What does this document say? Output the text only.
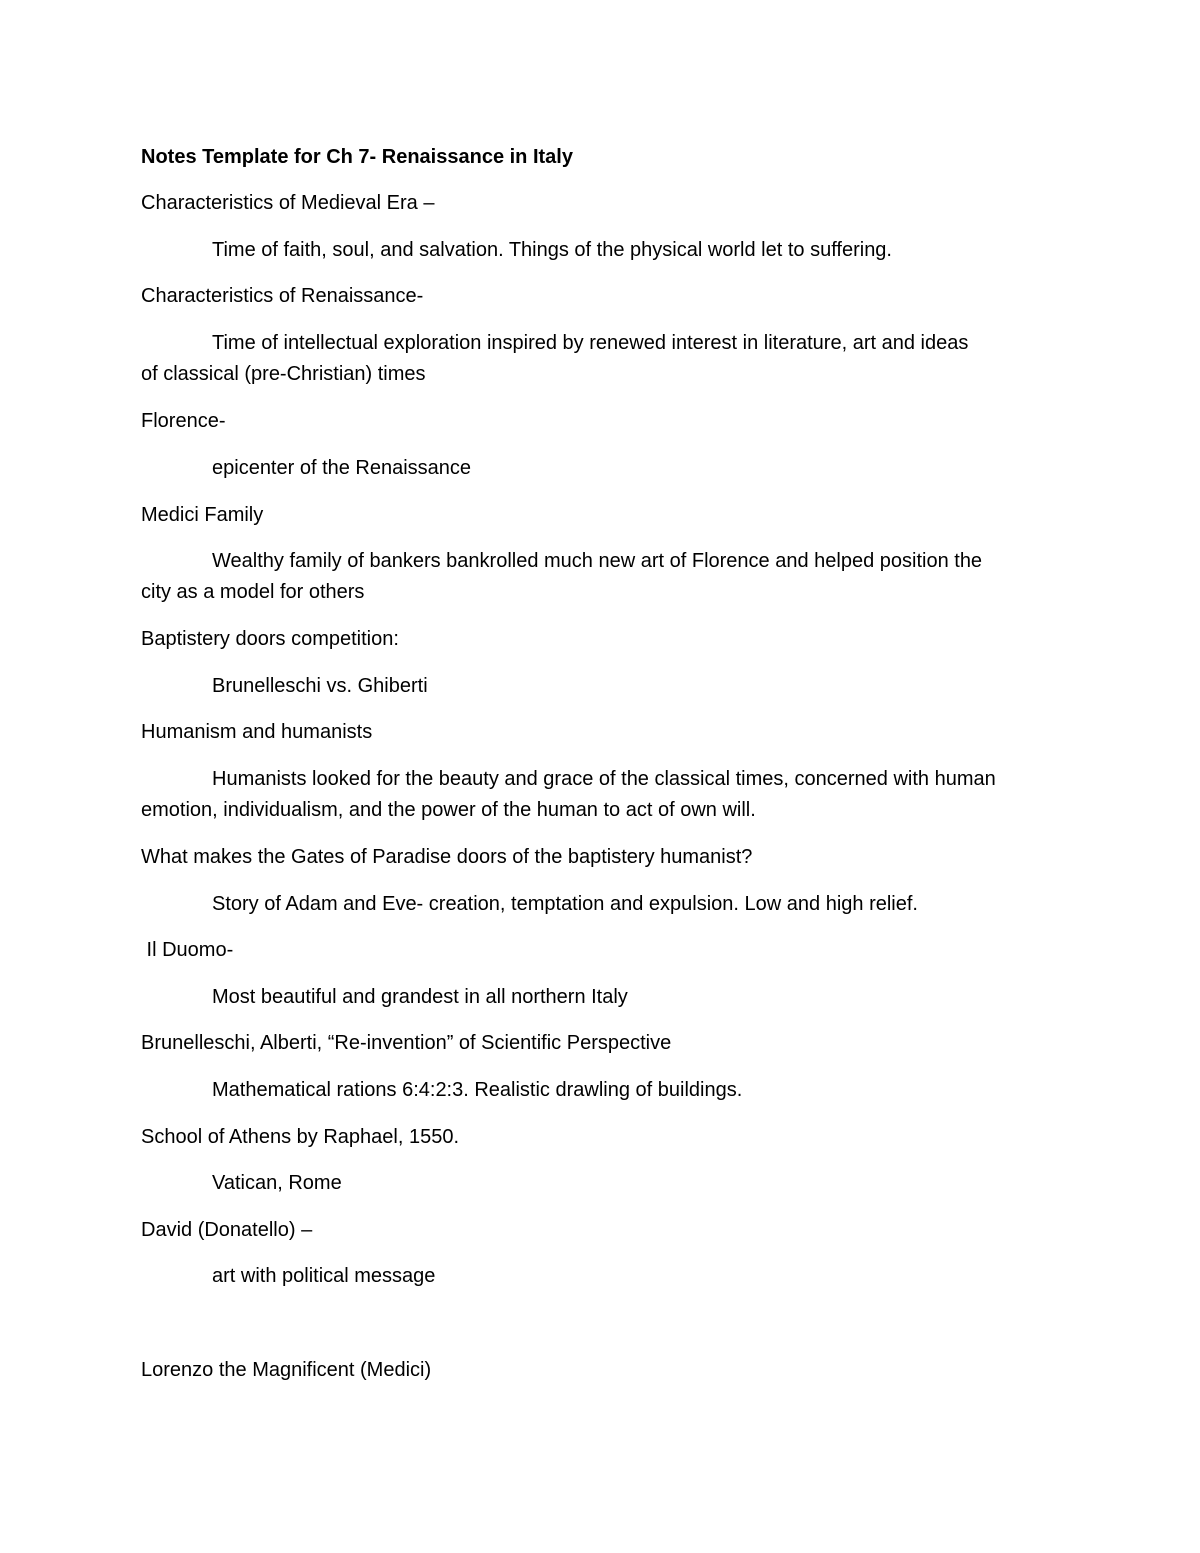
Notes Template for Ch 7- Renaissance in Italy
Characteristics of Medieval Era –
Time of faith, soul, and salvation. Things of the physical world let to suffering.
Characteristics of Renaissance-
Time of intellectual exploration inspired by renewed interest in literature, art and ideas
of classical (pre-Christian) times
Florence-
epicenter of the Renaissance
Medici Family
Wealthy family of bankers bankrolled much new art of Florence and helped position the
city as a model for others
Baptistery doors competition:
Brunelleschi vs. Ghiberti
Humanism and humanists
Humanists looked for the beauty and grace of the classical times, concerned with human
emotion, individualism, and the power of the human to act of own will.
What makes the Gates of Paradise doors of the baptistery humanist?
Story of Adam and Eve- creation, temptation and expulsion. Low and high relief.
Il Duomo-
Most beautiful and grandest in all northern Italy
Brunelleschi, Alberti, “Re-invention” of Scientific Perspective
Mathematical rations 6:4:2:3. Realistic drawling of buildings.
School of Athens by Raphael, 1550.
Vatican, Rome
David (Donatello) –
art with political message
Lorenzo the Magnificent (Medici)
